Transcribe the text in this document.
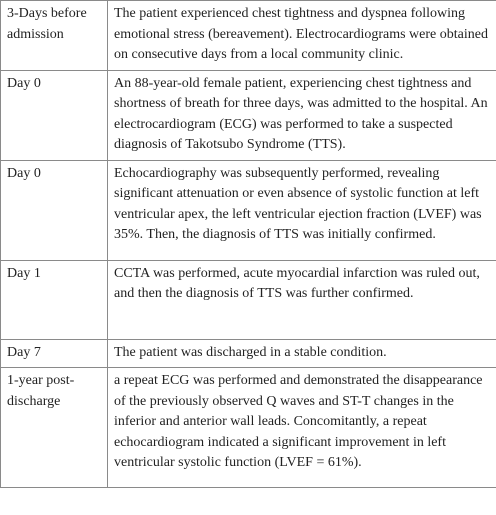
3-Days before admission	The patient experienced chest tightness and dyspnea following emotional stress (bereavement). Electrocardiograms were obtained on consecutive days from a local community clinic.
Day 0	An 88-year-old female patient, experiencing chest tightness and shortness of breath for three days, was admitted to the hospital. An electrocardiogram (ECG) was performed to take a suspected diagnosis of Takotsubo Syndrome (TTS).
Day 0	Echocardiography was subsequently performed, revealing significant attenuation or even absence of systolic function at left ventricular apex, the left ventricular ejection fraction (LVEF) was 35%. Then, the diagnosis of TTS was initially confirmed.
Day 1	CCTA was performed, acute myocardial infarction was ruled out, and then the diagnosis of TTS was further confirmed.
Day 7	The patient was discharged in a stable condition.
1-year post-discharge	a repeat ECG was performed and demonstrated the disappearance of the previously observed Q waves and ST-T changes in the inferior and anterior wall leads. Concomitantly, a repeat echocardiogram indicated a significant improvement in left ventricular systolic function (LVEF = 61%).
